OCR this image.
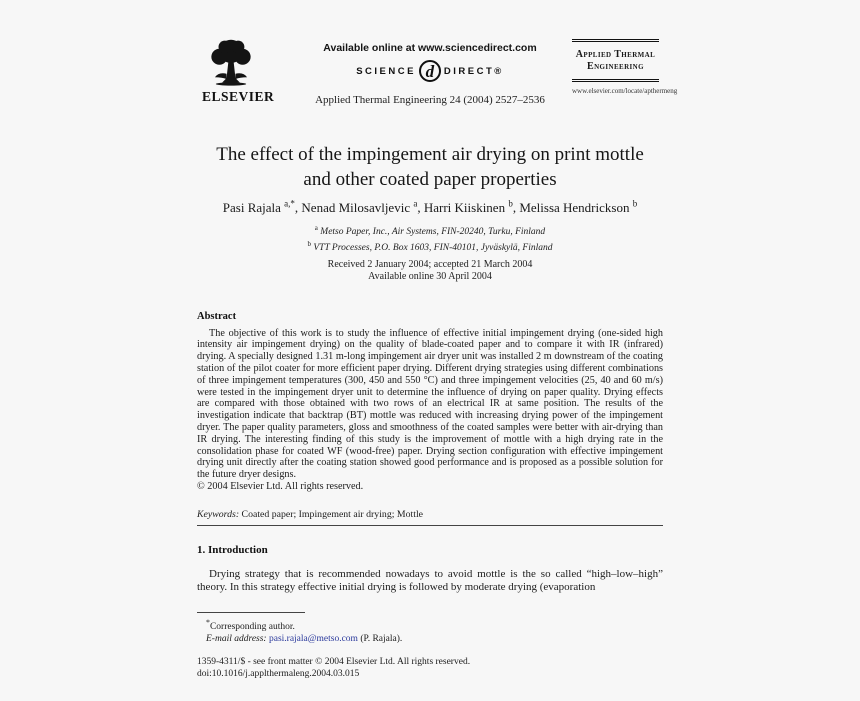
ELSEVIER
Available online at www.sciencedirect.com
SCIENCE d	DIRECT®
Applied Thermal Engineering 24 (2004) 2527–2536
Applied Thermal
Engineering
www.elsevier.com/locate/apthermeng
The effect of the impingement air drying on print mottle
and other coated paper properties
Pasi Rajala $^{a,*}$, Nenad Milosavljevic $^a$, Harri Kiiskinen $^b$, Melissa Hendrickson $^b$
$^a$ Metso Paper, Inc., Air Systems, FIN-20240, Turku, Finland
$^b$ VTT Processes, P.O. Box 1603, FIN-40101, Jyväskylä, Finland
Received 2 January 2004; accepted 21 March 2004
Available online 30 April 2004
Abstract
The objective of this work is to study the influence of effective initial impingement drying (one-sided high intensity air impingement drying) on the quality of blade-coated paper and to compare it with IR (infrared) drying. A specially designed 1.31 m-long impingement air dryer unit was installed 2 m downstream of the coating station of the pilot coater for more efficient paper drying. Different drying strategies using different combinations of three impingement temperatures (300, 450 and 550 °C) and three impingement velocities (25, 40 and 60 m/s) were tested in the impingement dryer unit to determine the influence of drying on paper quality. Drying effects are compared with those obtained with two rows of an electrical IR at same position. The results of the investigation indicate that backtrap (BT) mottle was reduced with increasing drying power of the impingement dryer. The paper quality parameters, gloss and smoothness of the coated samples were better with air-drying than IR drying. The interesting finding of this study is the improvement of mottle with a high drying rate in the consolidation phase for coated WF (wood-free) paper. Drying section configuration with effective impingement drying unit directly after the coating station showed good performance and is proposed as a possible solution for the future dryer designs.
© 2004 Elsevier Ltd. All rights reserved.
Keywords: Coated paper; Impingement air drying; Mottle
1. Introduction
Drying strategy that is recommended nowadays to avoid mottle is the so called “high–low–high” theory. In this strategy effective initial drying is followed by moderate drying (evaporation
*Corresponding author.
E-mail address: pasi.rajala@metso.com (P. Rajala).
1359-4311/$ - see front matter © 2004 Elsevier Ltd. All rights reserved.
doi:10.1016/j.applthermaleng.2004.03.015
